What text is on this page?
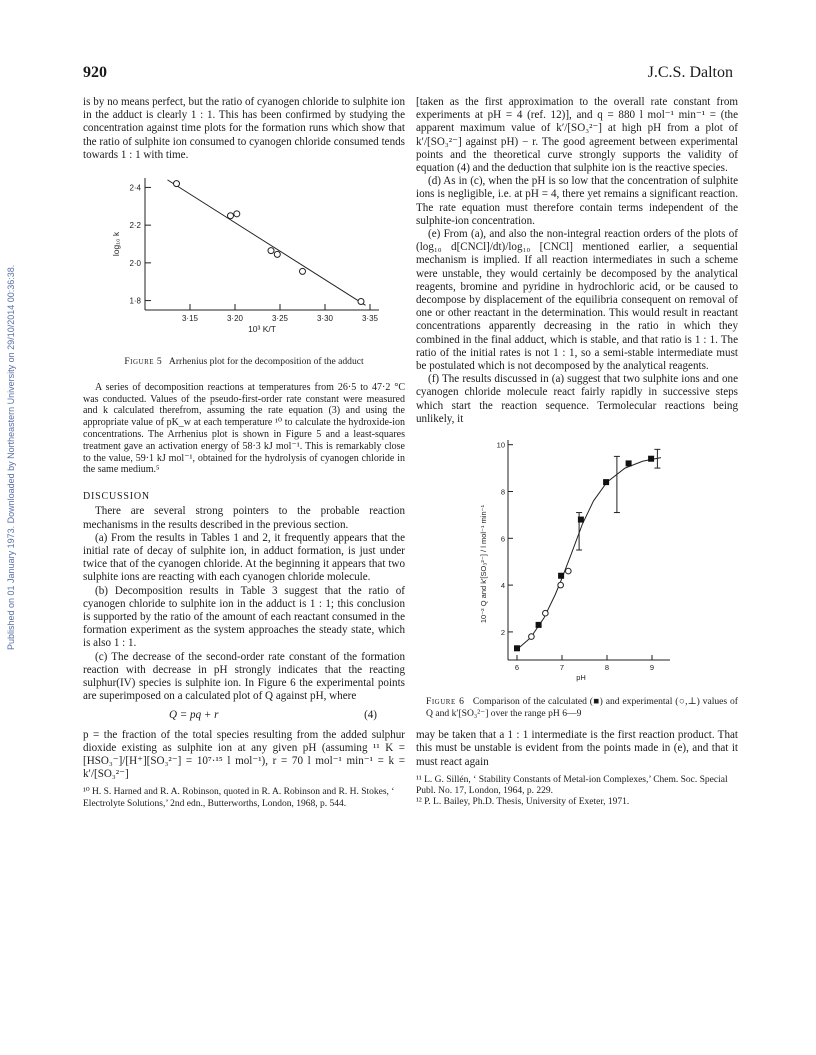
Published on 01 January 1973. Downloaded by Northeastern University on 29/10/2014 00:36:38.
920	J.C.S. Dalton

is by no means perfect, but the ratio of cyanogen chloride to sulphite ion in the adduct is clearly 1 : 1. This has been confirmed by studying the concentration against time plots for the formation runs which show that the ratio of sulphite ion consumed to cyanogen chloride consumed tends towards 1 : 1 with time.

1·8
2·0
2·2
2·4
3·15	3·20	3·25	3·30	3·35
10³ K/T
log₁₀ k

Figure 5 Arrhenius plot for the decomposition of the adduct

A series of decomposition reactions at temperatures from 26·5 to 47·2 °C was conducted. Values of the pseudo-first-order rate constant were measured and k calculated therefrom, assuming the rate equation (3) and using the appropriate value of pK_w at each temperature ¹⁰ to calculate the hydroxide-ion concentrations. The Arrhenius plot is shown in Figure 5 and a least-squares treatment gave an activation energy of 58·3 kJ mol⁻¹. This is remarkably close to the value, 59·1 kJ mol⁻¹, obtained for the hydrolysis of cyanogen chloride in the same medium.⁵

DISCUSSION

There are several strong pointers to the probable reaction mechanisms in the results described in the previous section.

(a) From the results in Tables 1 and 2, it frequently appears that the initial rate of decay of sulphite ion, in adduct formation, is just under twice that of the cyanogen chloride. At the beginning it appears that two sulphite ions are reacting with each cyanogen chloride molecule.

(b) Decomposition results in Table 3 suggest that the ratio of cyanogen chloride to sulphite ion in the adduct is 1 : 1; this conclusion is supported by the ratio of the amount of each reactant consumed in the formation experiment as the system approaches the steady state, which is also 1 : 1.

(c) The decrease of the second-order rate constant of the formation reaction with decrease in pH strongly indicates that the reacting sulphur(IV) species is sulphite ion. In Figure 6 the experimental points are superimposed on a calculated plot of Q against pH, where

Q = pq + r	(4)

p = the fraction of the total species resulting from the added sulphur dioxide existing as sulphite ion at any given pH (assuming ¹¹ K = [HSO₃⁻]/[H⁺][SO₃²⁻] = 10⁷·¹⁵ l mol⁻¹), r = 70 l mol⁻¹ min⁻¹ = k = k′/[SO₃²⁻]

¹⁰ H. S. Harned and R. A. Robinson, quoted in R. A. Robinson and R. H. Stokes, ‘ Electrolyte Solutions,’ 2nd edn., Butterworths, London, 1968, p. 544.

[taken as the first approximation to the overall rate constant from experiments at pH = 4 (ref. 12)], and q = 880 l mol⁻¹ min⁻¹ = (the apparent maximum value of k′/[SO₃²⁻] at high pH from a plot of k′/[SO₃²⁻] against pH) − r. The good agreement between experimental points and the theoretical curve strongly supports the validity of equation (4) and the deduction that sulphite ion is the reactive species.

(d) As in (c), when the pH is so low that the concentration of sulphite ions is negligible, i.e. at pH = 4, there yet remains a significant reaction. The rate equation must therefore contain terms independent of the sulphite-ion concentration.

(e) From (a), and also the non-integral reaction orders of the plots of (log₁₀ d[CNCl]/dt)/log₁₀ [CNCl] mentioned earlier, a sequential mechanism is implied. If all reaction intermediates in such a scheme were unstable, they would certainly be decomposed by the analytical reagents, bromine and pyridine in hydrochloric acid, or be caused to decompose by displacement of the equilibria consequent on removal of one or other reactant in the determination. This would result in reactant concentrations apparently decreasing in the ratio in which they combined in the final adduct, which is stable, and that ratio is 1 : 1. The ratio of the initial rates is not 1 : 1, so a semi-stable intermediate must be postulated which is not decomposed by the analytical reagents.

(f) The results discussed in (a) suggest that two sulphite ions and one cyanogen chloride molecule react fairly rapidly in successive steps which start the reaction sequence. Termolecular reactions being unlikely, it

2
4
6
8
10
6	7	8	9
pH
10⁻² Q and k′[SO₃²⁻] / l mol⁻¹ min⁻¹

Figure 6 Comparison of the calculated (■) and experimental (○,⊥) values of Q and k′[SO₃²⁻] over the range pH 6—9

may be taken that a 1 : 1 intermediate is the first reaction product. That this must be unstable is evident from the points made in (e), and that it must react again

¹¹ L. G. Sillén, ‘ Stability Constants of Metal-ion Complexes,’ Chem. Soc. Special Publ. No. 17, London, 1964, p. 229.

¹² P. L. Bailey, Ph.D. Thesis, University of Exeter, 1971.
